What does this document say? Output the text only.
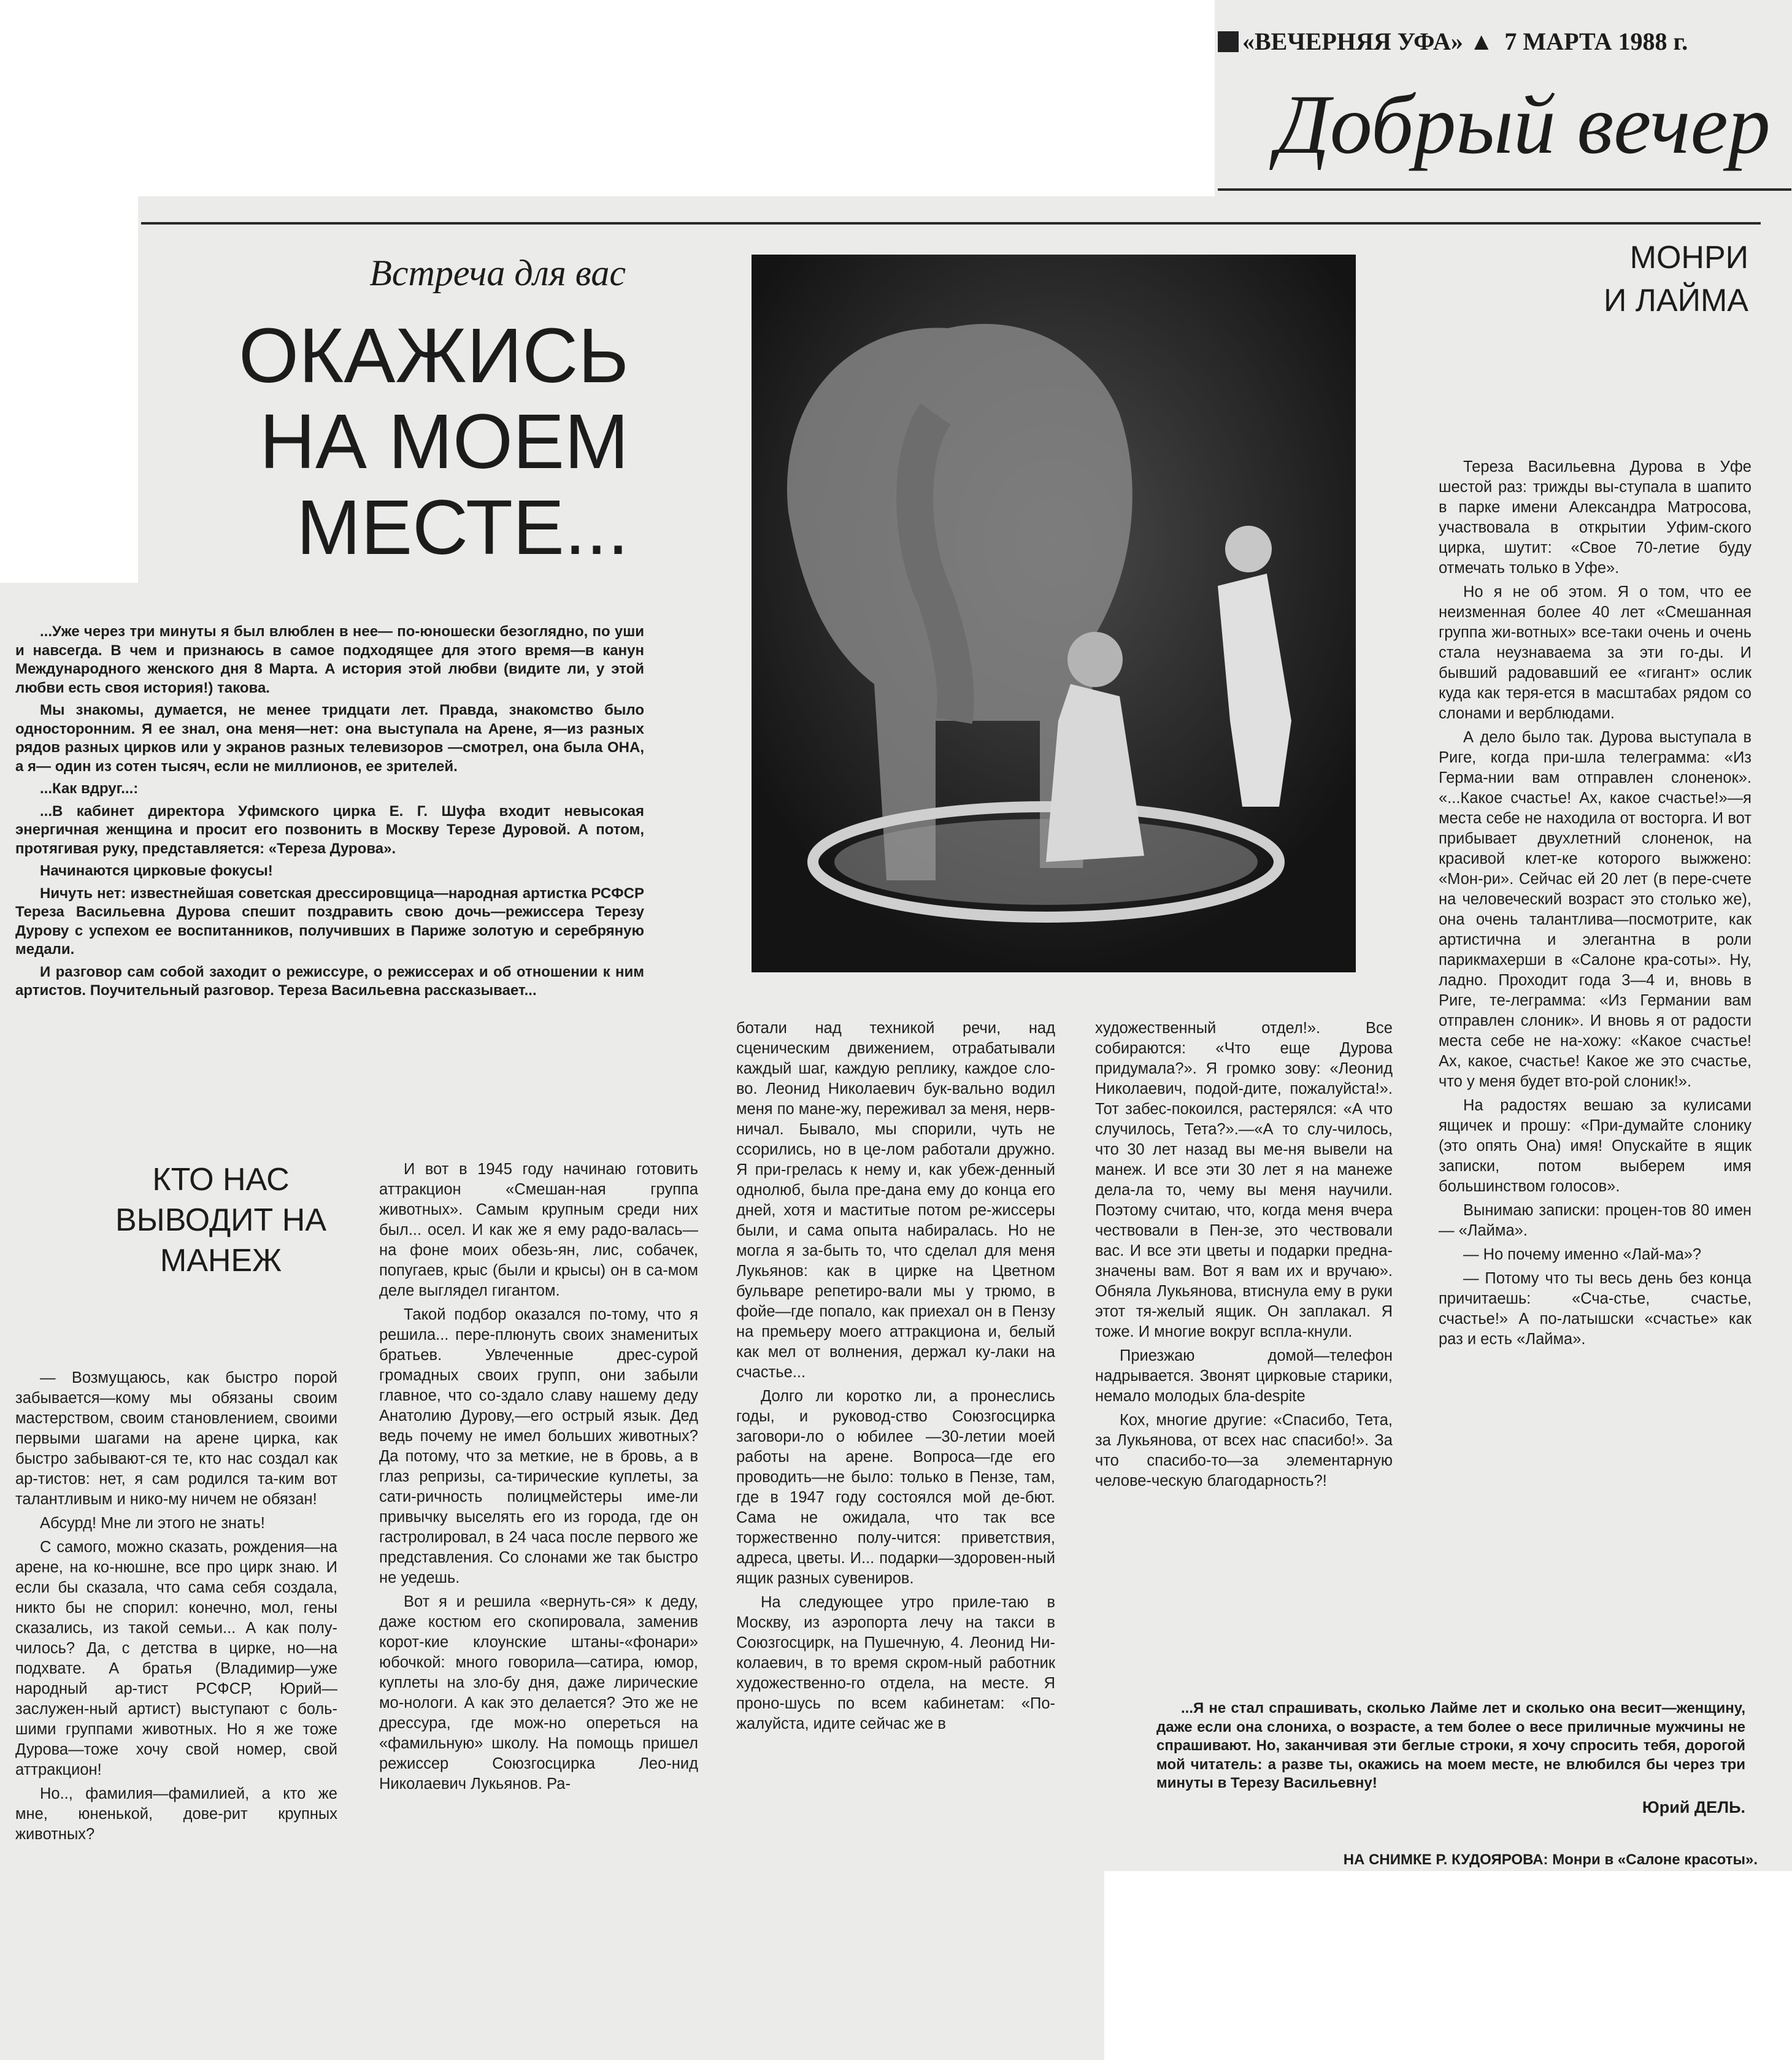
«ВЕЧЕРНЯЯ УФА» ▲ 7 МАРТА 1988 г.
Добрый вечер
Встреча для вас
ОКАЖИСЬ НА МОЕМ МЕСТЕ...

...Уже через три минуты я был влюблен в нее— по-юношески безоглядно, по уши и навсегда. В чем и признаюсь в самое подходящее для этого время—в канун Международного женского дня 8 Марта. А история этой любви (видите ли, у этой любви есть своя история!) такова.

Мы знакомы, думается, не менее тридцати лет. Правда, знакомство было односторонним. Я ее знал, она меня—нет: она выступала на Арене, я—из разных рядов разных цирков или у экранов разных телевизоров —смотрел, она была ОНА, а я— один из сотен тысяч, если не миллионов, ее зрителей.

...Как вдруг...:

...В кабинет директора Уфимского цирка Е. Г. Шуфа входит невысокая энергичная женщина и просит его позвонить в Москву Терезе Дуровой. А потом, протягивая руку, представляется: «Тереза Дурова».

Начинаются цирковые фокусы!

Ничуть нет: известнейшая советская дрессировщица—народная артистка РСФСР Тереза Васильевна Дурова спешит поздравить свою дочь—режиссера Терезу Дурову с успехом ее воспитанников, получивших в Париже золотую и серебряную медали.

И разговор сам собой заходит о режиссуре, о режиссерах и об отношении к ним артистов. Поучительный разговор. Тереза Васильевна рассказывает...

КТО НАС ВЫВОДИТ НА МАНЕЖ

— Возмущаюсь, как быстро порой забывается—кому мы обязаны своим мастерством, своим становлением, своими первыми шагами на арене цирка, как быстро забывают-ся те, кто нас создал как ар-тистов: нет, я сам родился та-ким вот талантливым и нико-му ничем не обязан!

Абсурд! Мне ли этого не знать!

С самого, можно сказать, рождения—на арене, на ко-нюшне, все про цирк знаю. И если бы сказала, что сама себя создала, никто бы не спорил: конечно, мол, гены сказались, из такой семьи... А как полу-чилось? Да, с детства в цирке, но—на подхвате. А братья (Владимир—уже народный ар-тист РСФСР, Юрий—заслужен-ный артист) выступают с боль-шими группами животных. Но я же тоже Дурова—тоже хочу свой номер, свой аттракцион!

Но.., фамилия—фамилией, а кто же мне, юненькой, дове-рит крупных животных?

И вот в 1945 году начинаю готовить аттракцион «Смешан-ная группа животных». Самым крупным среди них был... осел. И как же я ему радо-валась—на фоне моих обезь-ян, лис, собачек, попугаев, крыс (были и крысы) он в са-мом деле выглядел гигантом.

Такой подбор оказался по-тому, что я решила... пере-плюнуть своих знаменитых братьев. Увлеченные дрес-сурой громадных своих групп, они забыли главное, что со-здало славу нашему деду Анатолию Дурову,—его острый язык. Дед ведь почему не имел больших животных? Да потому, что за меткие, не в бровь, а в глаз репризы, са-тирические куплеты, за сати-ричность полицмейстеры име-ли привычку выселять его из города, где он гастролировал, в 24 часа после первого же представления. Со слонами же так быстро не уедешь.

Вот я и решила «вернуть-ся» к деду, даже костюм его скопировала, заменив корот-кие клоунские штаны-«фонари» юбочкой: много говорила—сатира, юмор, куплеты на зло-бу дня, даже лирические мо-нологи. А как это делается? Это же не дрессура, где мож-но опереться на «фамильную» школу. На помощь пришел режиссер Союзгосцирка Лео-нид Николаевич Лукьянов. Ра-

ботали над техникой речи, над сценическим движением, отрабатывали каждый шаг, каждую реплику, каждое сло-во. Леонид Николаевич бук-вально водил меня по мане-жу, переживал за меня, нерв-ничал. Бывало, мы спорили, чуть не ссорились, но в це-лом работали дружно. Я при-грелась к нему и, как убеж-денный однолюб, была пре-дана ему до конца его дней, хотя и маститые потом ре-жиссеры были, и сама опыта набиралась. Но не могла я за-быть то, что сделал для меня Лукьянов: как в цирке на Цветном бульваре репетиро-вали мы у трюмо, в фойе—где попало, как приехал он в Пензу на премьеру моего аттракциона и, белый как мел от волнения, держал ку-лаки на счастье...

Долго ли коротко ли, а пронеслись годы, и руковод-ство Союзгосцирка заговори-ло о юбилее —30-летии моей работы на арене. Вопроса—где его проводить—не было: только в Пензе, там, где в 1947 году состоялся мой де-бют. Сама не ожидала, что так все торжественно полу-чится: приветствия, адреса, цветы. И... подарки—здоровен-ный ящик разных сувениров.

На следующее утро приле-таю в Москву, из аэропорта лечу на такси в Союзгосцирк, на Пушечную, 4. Леонид Ни-колаевич, в то время скром-ный работник художественно-го отдела, на месте. Я проно-шусь по всем кабинетам: «По-жалуйста, идите сейчас же в

художественный отдел!». Все собираются: «Что еще Дурова придумала?». Я громко зову: «Леонид Николаевич, подой-дите, пожалуйста!». Тот забес-покоился, растерялся: «А что случилось, Тета?».—«А то слу-чилось, что 30 лет назад вы ме-ня вывели на манеж. И все эти 30 лет я на манеже дела-ла то, чему вы меня научили. Поэтому считаю, что, когда меня вчера чествовали в Пен-зе, это чествовали вас. И все эти цветы и подарки предна-значены вам. Вот я вам их и вручаю». Обняла Лукьянова, втиснула ему в руки этот тя-желый ящик. Он заплакал. Я тоже. И многие вокруг вспла-кнули.

Приезжаю домой—телефон надрывается. Звонят цирковые старики, немало молодых бла-despite

Кох, многие другие: «Спасибо, Тета, за Лукьянова, от всех нас спасибо!». За что спасибо-то—за элементарную челове-ческую благодарность?!

МОНРИ
И ЛАЙМА

Тереза Васильевна Дурова в Уфе шестой раз: трижды вы-ступала в шапито в парке имени Александра Матросова, участвовала в открытии Уфим-ского цирка, шутит: «Свое 70-летие буду отмечать только в Уфе».

Но я не об этом. Я о том, что ее неизменная более 40 лет «Смешанная группа жи-вотных» все-таки очень и очень стала неузнаваема за эти го-ды. И бывший радовавший ее «гигант» ослик куда как теря-ется в масштабах рядом со слонами и верблюдами.

А дело было так. Дурова выступала в Риге, когда при-шла телеграмма: «Из Герма-нии вам отправлен слоненок». «...Какое счастье! Ах, какое счастье!»—я места себе не находила от восторга. И вот прибывает двухлетний слоненок, на красивой клет-ке которого выжжено: «Мон-ри». Сейчас ей 20 лет (в пере-счете на человеческий возраст это столько же), она очень талантлива—посмотрите, как артистична и элегантна в роли парикмахерши в «Салоне кра-соты». Ну, ладно. Проходит года 3—4 и, вновь в Риге, те-леграмма: «Из Германии вам отправлен слоник». И вновь я от радости места себе не на-хожу: «Какое счастье! Ах, какое, счастье! Какое же это счастье, что у меня будет вто-рой слоник!».

На радостях вешаю за кулисами ящичек и прошу: «При-думайте слонику (это опять Она) имя! Опускайте в ящик записки, потом выберем имя большинством голосов».

Вынимаю записки: процен-тов 80 имен — «Лайма».

— Но почему именно «Лай-ма»?

— Потому что ты весь день без конца причитаешь: «Сча-стье, счастье, счастье!» А по-латышски «счастье» как раз и есть «Лайма».

...Я не стал спрашивать, сколько Лайме лет и сколько она весит—женщину, даже если она слониха, о возрасте, а тем более о весе приличные мужчины не спрашивают. Но, заканчивая эти беглые строки, я хочу спросить тебя, дорогой мой читатель: а разве ты, окажись на моем месте, не влюбился бы через три минуты в Терезу Васильевну!

Юрий ДЕЛЬ.
НА СНИМКЕ Р. КУДОЯРОВА: Монри в «Салоне красоты».
